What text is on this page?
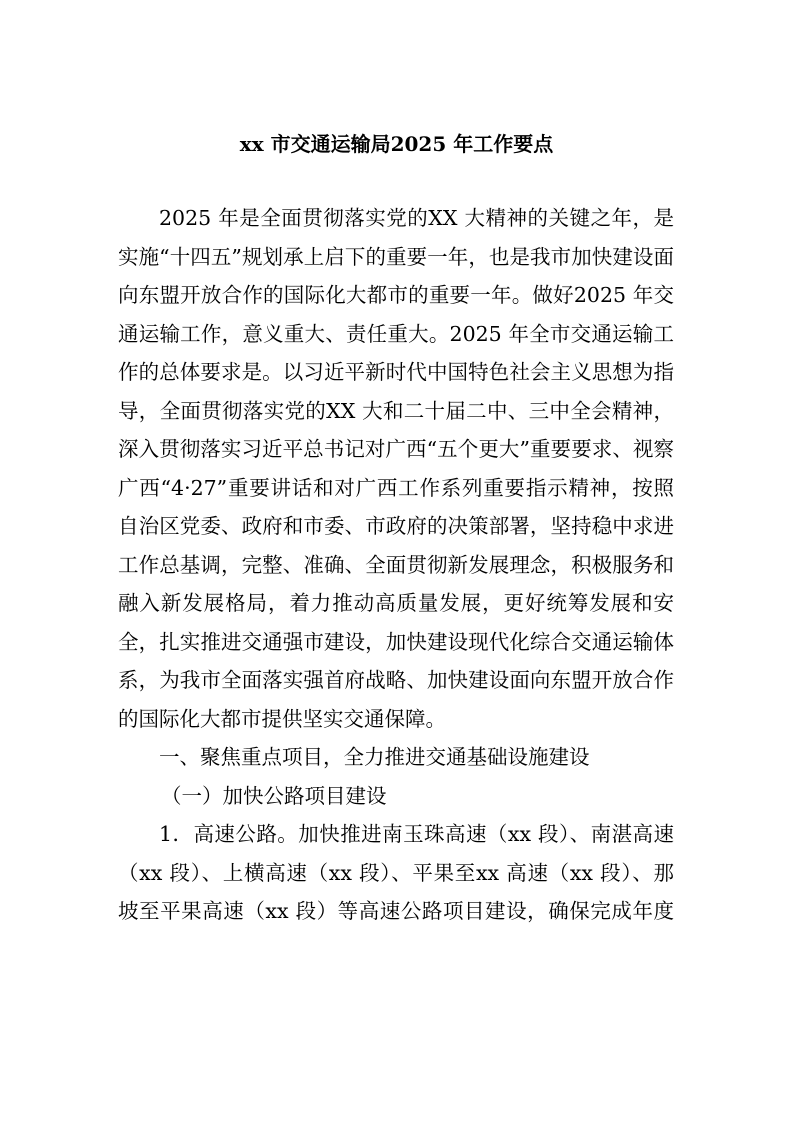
xx 市交通运输局2025 年工作要点

2025 年是全面贯彻落实党的XX 大精神的关键之年，是实施“十四五”规划承上启下的重要一年，也是我市加快建设面向东盟开放合作的国际化大都市的重要一年。做好2025 年交通运输工作，意义重大、责任重大。2025 年全市交通运输工作的总体要求是。以习近平新时代中国特色社会主义思想为指导，全面贯彻落实党的XX 大和二十届二中、三中全会精神，深入贯彻落实习近平总书记对广西“五个更大”重要要求、视察广西“4·27”重要讲话和对广西工作系列重要指示精神，按照自治区党委、政府和市委、市政府的决策部署，坚持稳中求进工作总基调，完整、准确、全面贯彻新发展理念，积极服务和融入新发展格局，着力推动高质量发展，更好统筹发展和安全，扎实推进交通强市建设，加快建设现代化综合交通运输体系，为我市全面落实强首府战略、加快建设面向东盟开放合作的国际化大都市提供坚实交通保障。

一、聚焦重点项目，全力推进交通基础设施建设

（一）加快公路项目建设

1．高速公路。加快推进南玉珠高速（xx 段）、南湛高速（xx 段）、上横高速（xx 段）、平果至xx 高速（xx 段）、那坡至平果高速（xx 段）等高速公路项目建设，确保完成年度
